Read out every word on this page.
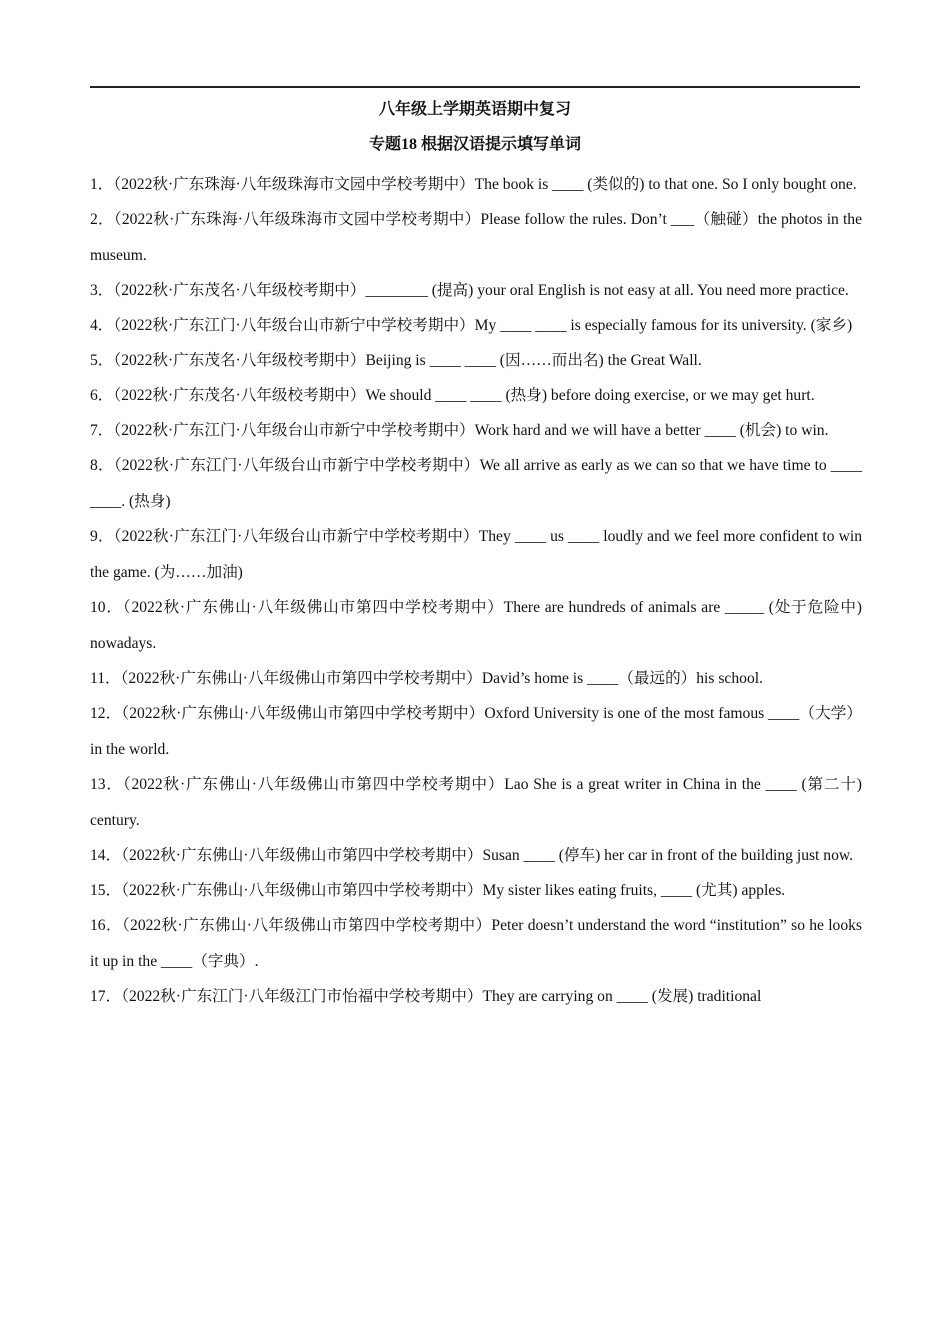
八年级上学期英语期中复习
专题18 根据汉语提示填写单词

1．（2022秋·广东珠海·八年级珠海市文园中学校考期中）The book is ____ (类似的) to that one. So I only bought one.

2．（2022秋·广东珠海·八年级珠海市文园中学校考期中）Please follow the rules. Don’t ___（触碰）the photos in the museum.

3．（2022秋·广东茂名·八年级校考期中）________ (提高) your oral English is not easy at all. You need more practice.

4．（2022秋·广东江门·八年级台山市新宁中学校考期中）My ____ ____ is especially famous for its university. (家乡)

5．（2022秋·广东茂名·八年级校考期中）Beijing is ____ ____ (因……而出名) the Great Wall.

6．（2022秋·广东茂名·八年级校考期中）We should ____ ____ (热身) before doing exercise, or we may get hurt.

7．（2022秋·广东江门·八年级台山市新宁中学校考期中）Work hard and we will have a better ____ (机会) to win.

8．（2022秋·广东江门·八年级台山市新宁中学校考期中）We all arrive as early as we can so that we have time to ____ ____. (热身)

9．（2022秋·广东江门·八年级台山市新宁中学校考期中）They ____ us ____ loudly and we feel more confident to win the game. (为……加油)

10．（2022秋·广东佛山·八年级佛山市第四中学校考期中）There are hundreds of animals are _____ (处于危险中) nowadays.

11．（2022秋·广东佛山·八年级佛山市第四中学校考期中）David’s home is ____（最远的）his school.

12．（2022秋·广东佛山·八年级佛山市第四中学校考期中）Oxford University is one of the most famous ____（大学）in the world.

13．（2022秋·广东佛山·八年级佛山市第四中学校考期中）Lao She is a great writer in China in the ____ (第二十) century.

14．（2022秋·广东佛山·八年级佛山市第四中学校考期中）Susan ____ (停车) her car in front of the building just now.

15．（2022秋·广东佛山·八年级佛山市第四中学校考期中）My sister likes eating fruits, ____ (尤其) apples.

16．（2022秋·广东佛山·八年级佛山市第四中学校考期中）Peter doesn’t understand the word “institution” so he looks it up in the ____（字典）.

17．（2022秋·广东江门·八年级江门市怡福中学校考期中）They are carrying on ____ (发展) traditional
